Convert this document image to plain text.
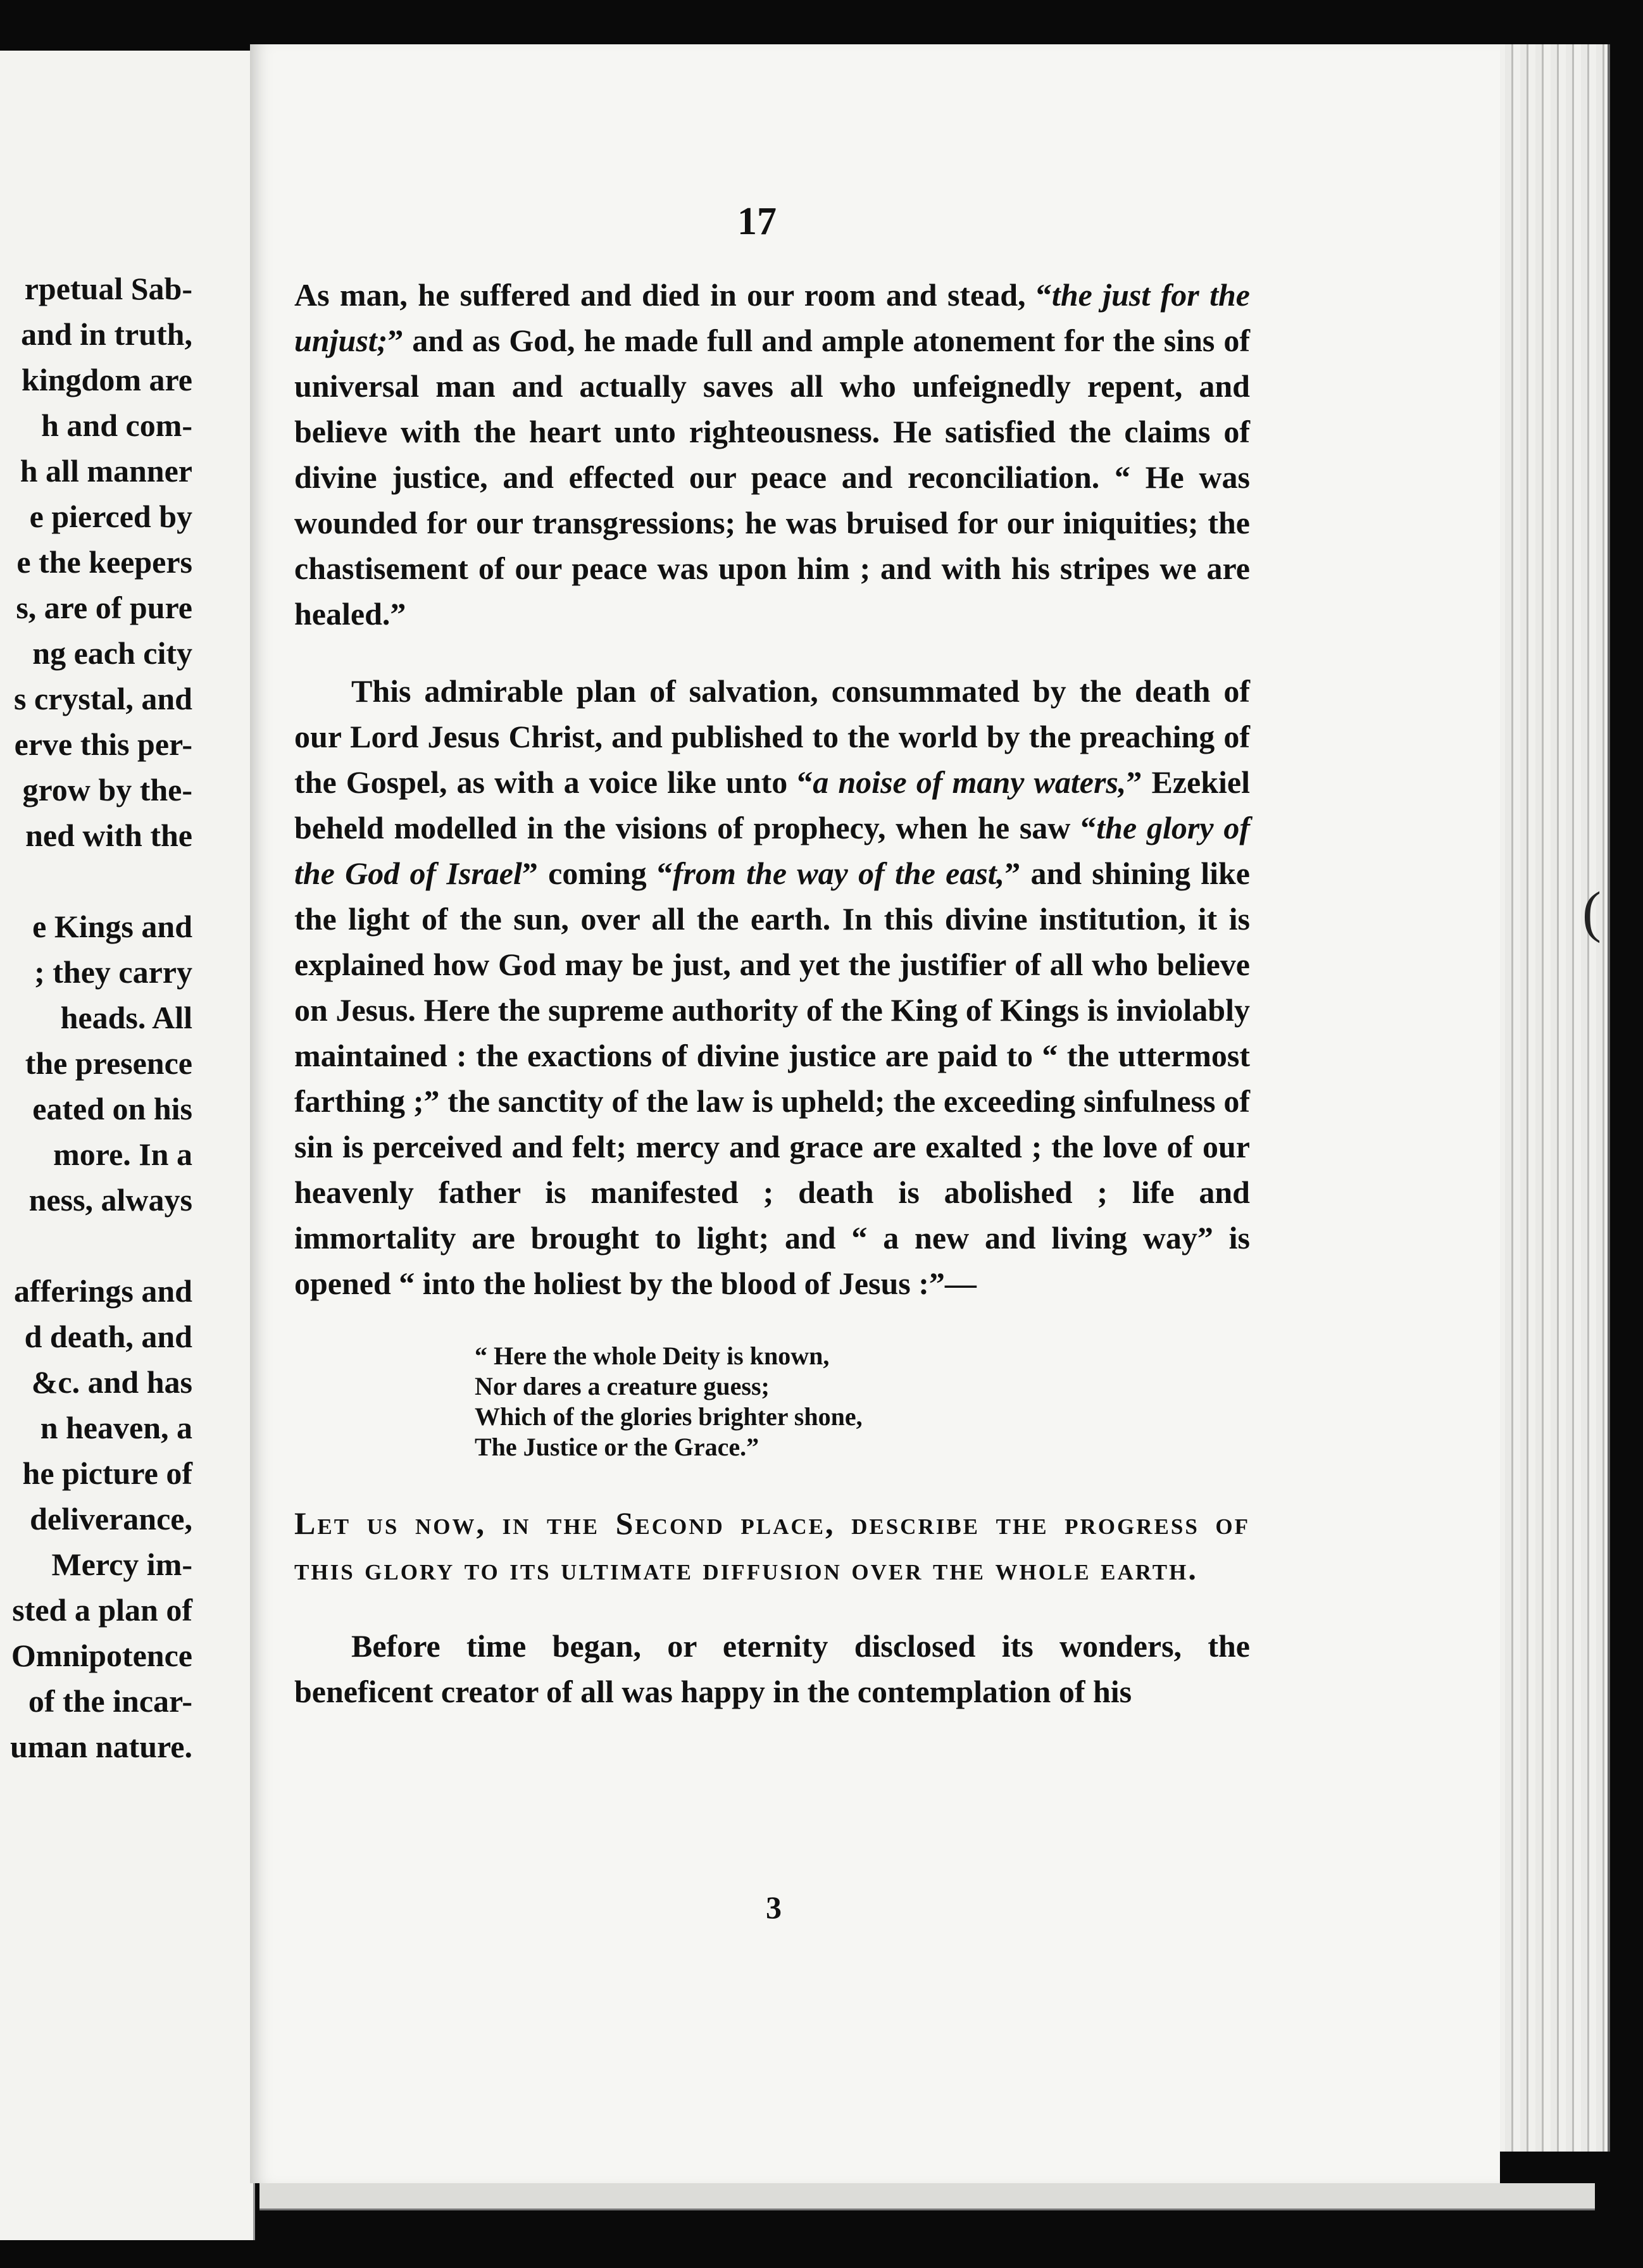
rpetual Sab-
and in truth,
kingdom are
h and com-
h all manner
e pierced by
e the keepers
s, are of pure
ng each city
s crystal, and
erve this per-
grow by the-
ned with the
e Kings and
; they carry
heads. All
the presence
eated on his
more. In a
ness, always
afferings and
d death, and
&c. and has
n heaven, a
he picture of
deliverance,
Mercy im-
sted a plan of
Omnipotence
of the incar-
uman nature.
17

As man, he suffered and died in our room and stead, “the just for the unjust;” and as God, he made full and ample atonement for the sins of universal man and actually saves all who unfeignedly repent, and believe with the heart unto righteousness. He satisfied the claims of divine justice, and effected our peace and reconciliation. “ He was wounded for our transgressions; he was bruised for our iniquities; the chastisement of our peace was upon him ; and with his stripes we are healed.”

This admirable plan of salvation, consummated by the death of our Lord Jesus Christ, and published to the world by the preaching of the Gospel, as with a voice like unto “a noise of many waters,” Ezekiel beheld modelled in the visions of prophecy, when he saw “the glory of the God of Israel” coming “from the way of the east,” and shining like the light of the sun, over all the earth. In this divine institution, it is explained how God may be just, and yet the justifier of all who believe on Jesus. Here the supreme authority of the King of Kings is inviolably maintained : the exactions of divine justice are paid to “ the uttermost farthing ;” the sanctity of the law is upheld; the exceeding sinfulness of sin is perceived and felt; mercy and grace are exalted ; the love of our heavenly father is manifested ; death is abolished ; life and immortality are brought to light; and “ a new and living way” is opened “ into the holiest by the blood of Jesus :”—

“ Here the whole Deity is known,
Nor dares a creature guess;
Which of the glories brighter shone,
The Justice or the Grace.”
Let us now, in the Second place, describe the progress of this glory to its ultimate diffusion over the whole earth.

Before time began, or eternity disclosed its wonders, the beneficent creator of all was happy in the contemplation of his

3
(
